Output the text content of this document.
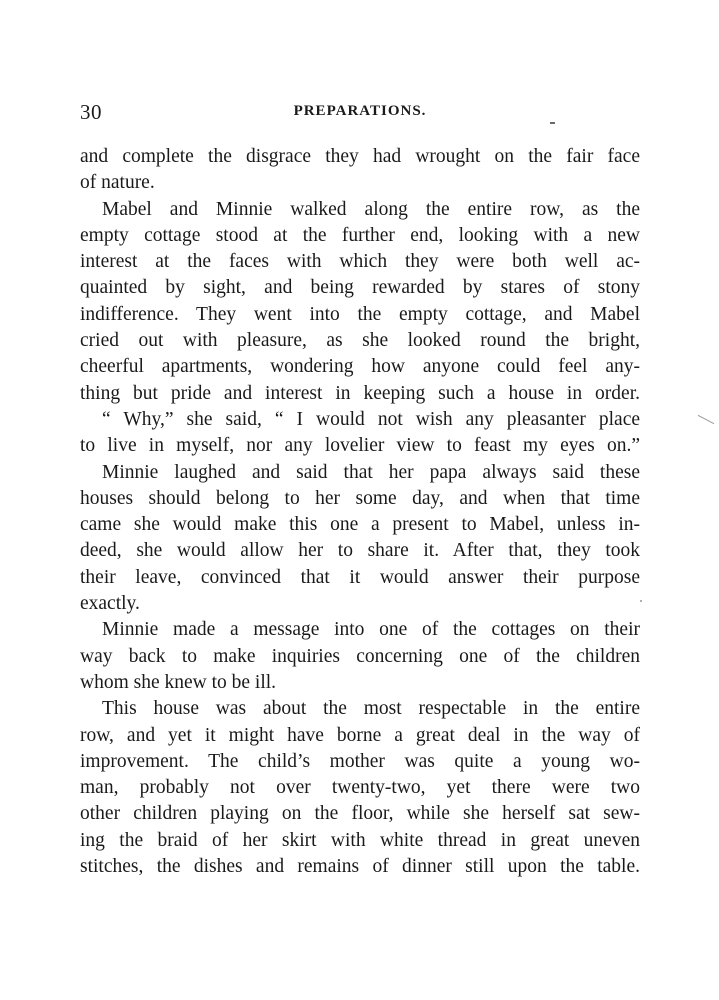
30	PREPARATIONS.

and complete the disgrace they had wrought on the fair face
of nature.

Mabel and Minnie walked along the entire row, as the
empty cottage stood at the further end, looking with a new
interest at the faces with which they were both well ac-
quainted by sight, and being rewarded by stares of stony
indifference. They went into the empty cottage, and Mabel
cried out with pleasure, as she looked round the bright,
cheerful apartments, wondering how anyone could feel any-
thing but pride and interest in keeping such a house in order.

“ Why,” she said, “ I would not wish any pleasanter place
to live in myself, nor any lovelier view to feast my eyes on.”

Minnie laughed and said that her papa always said these
houses should belong to her some day, and when that time
came she would make this one a present to Mabel, unless in-
deed, she would allow her to share it. After that, they took
their leave, convinced that it would answer their purpose
exactly.

Minnie made a message into one of the cottages on their
way back to make inquiries concerning one of the children
whom she knew to be ill.

This house was about the most respectable in the entire
row, and yet it might have borne a great deal in the way of
improvement. The child’s mother was quite a young wo-
man, probably not over twenty-two, yet there were two
other children playing on the floor, while she herself sat sew-
ing the braid of her skirt with white thread in great uneven
stitches, the dishes and remains of dinner still upon the table.
